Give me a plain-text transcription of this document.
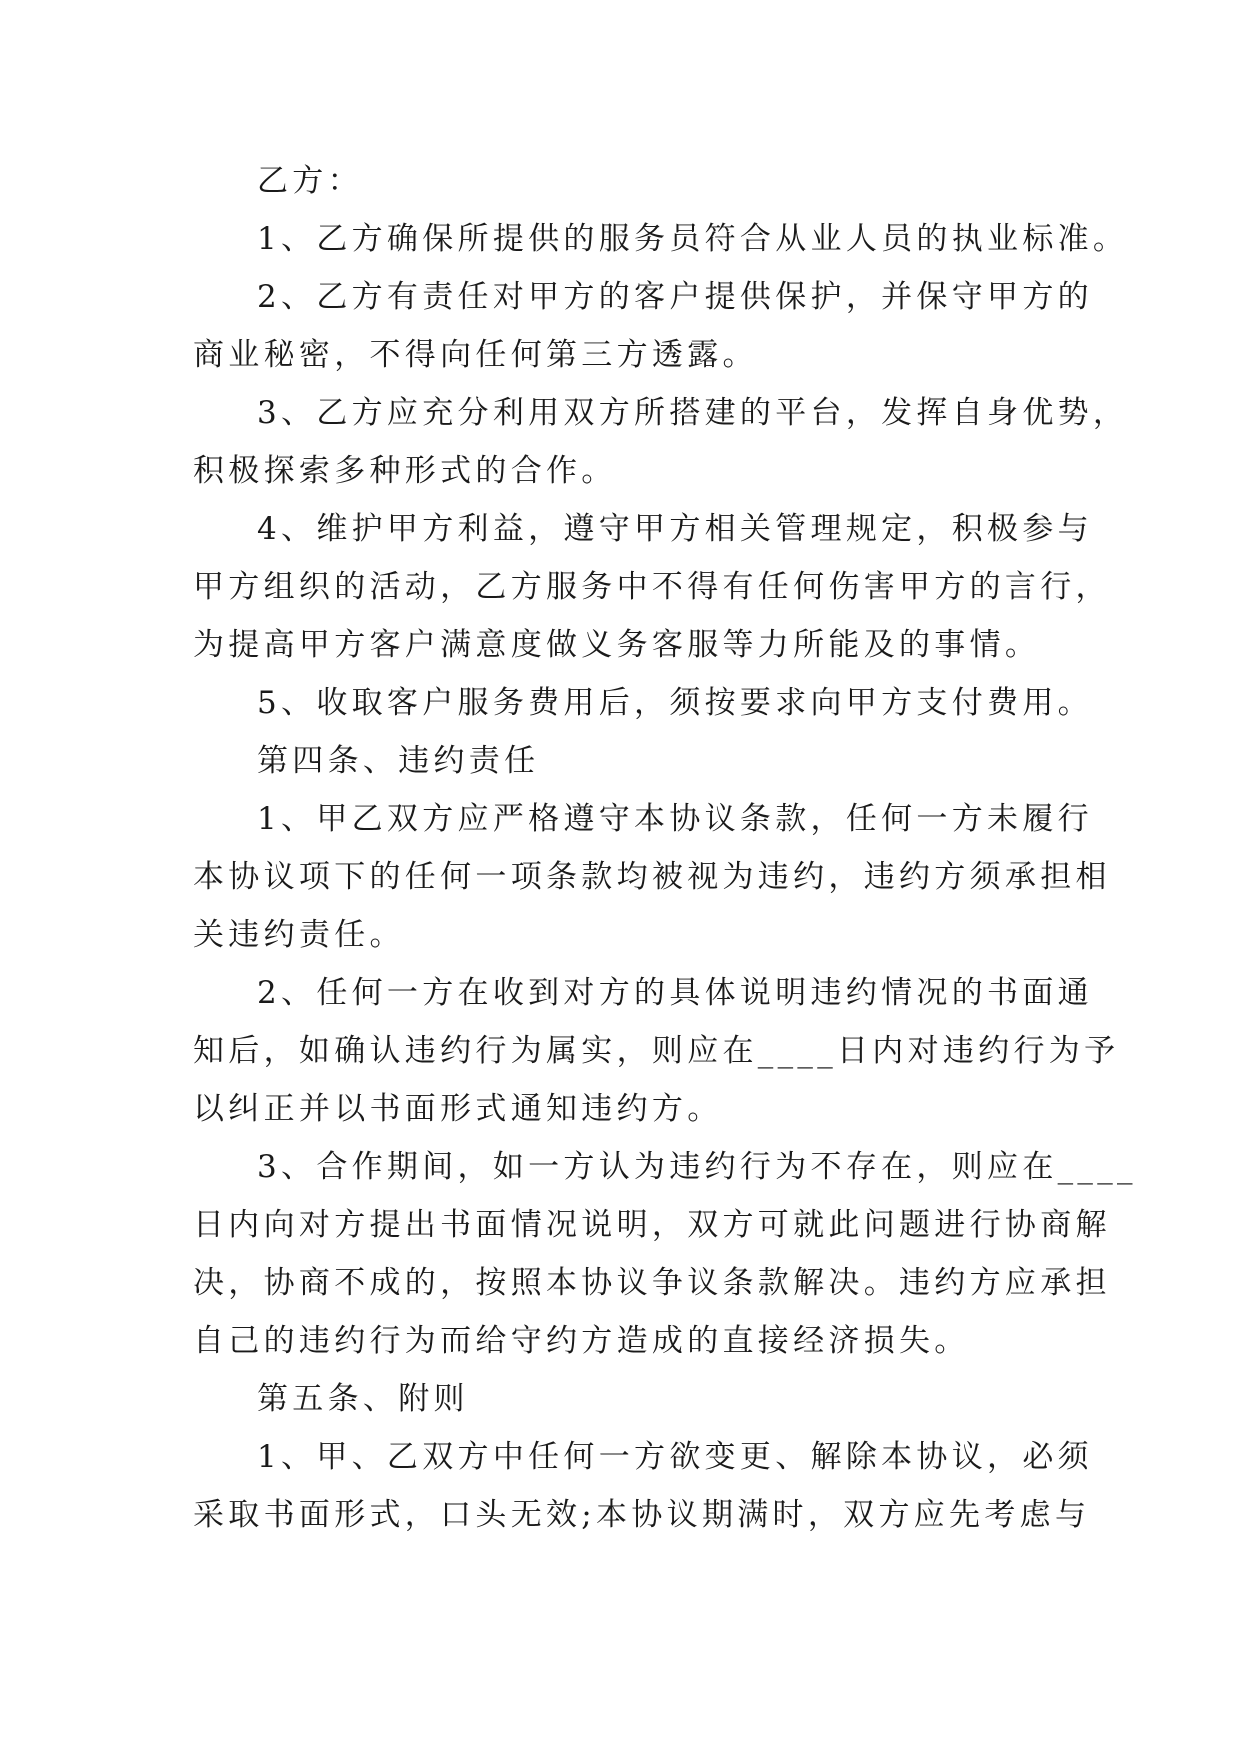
乙方：
1、乙方确保所提供的服务员符合从业人员的执业标准。
2、乙方有责任对甲方的客户提供保护，并保守甲方的
商业秘密，不得向任何第三方透露。
3、乙方应充分利用双方所搭建的平台，发挥自身优势，
积极探索多种形式的合作。
4、维护甲方利益，遵守甲方相关管理规定，积极参与
甲方组织的活动，乙方服务中不得有任何伤害甲方的言行，
为提高甲方客户满意度做义务客服等力所能及的事情。
5、收取客户服务费用后，须按要求向甲方支付费用。
第四条、违约责任
1、甲乙双方应严格遵守本协议条款，任何一方未履行
本协议项下的任何一项条款均被视为违约，违约方须承担相
关违约责任。
2、任何一方在收到对方的具体说明违约情况的书面通
知后，如确认违约行为属实，则应在____日内对违约行为予
以纠正并以书面形式通知违约方。
3、合作期间，如一方认为违约行为不存在，则应在____
日内向对方提出书面情况说明，双方可就此问题进行协商解
决，协商不成的，按照本协议争议条款解决。违约方应承担
自己的违约行为而给守约方造成的直接经济损失。
第五条、附则
1、甲、乙双方中任何一方欲变更、解除本协议，必须
采取书面形式，口头无效;本协议期满时，双方应先考虑与
